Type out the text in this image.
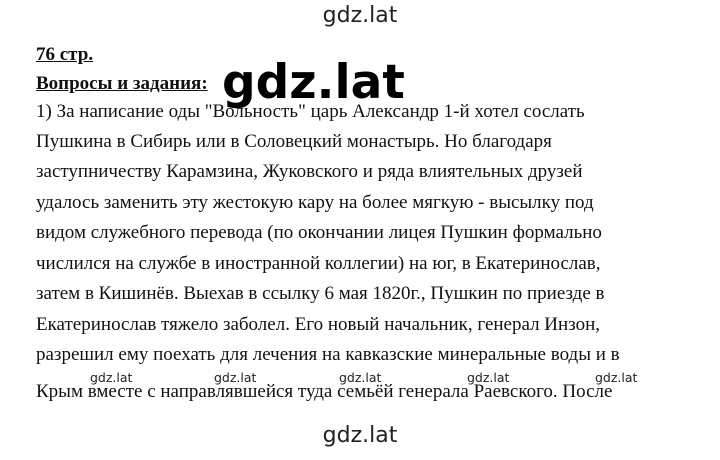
gdz.lat
76 стр.
Вопросы и задания:
1) За написание оды "Вольность" царь Александр 1-й хотел сослать
Пушкина в Сибирь или в Соловецкий монастырь. Но благодаря
заступничеству Карамзина, Жуковского и ряда влиятельных друзей
удалось заменить эту жестокую кару на более мягкую - высылку под
видом служебного перевода (по окончании лицея Пушкин формально
числился на службе в иностранной коллегии) на юг, в Екатеринослав,
затем в Кишинёв. Выехав в ссылку 6 мая 1820г., Пушкин по приезде в
Екатеринослав тяжело заболел. Его новый начальник, генерал Инзон,
разрешил ему поехать для лечения на кавказские минеральные воды и в
Крым вместе с направлявшейся туда семьёй генерала Раевского. После
gdz.lat
gdz.lat	gdz.lat	gdz.lat	gdz.lat	gdz.lat
gdz.lat
